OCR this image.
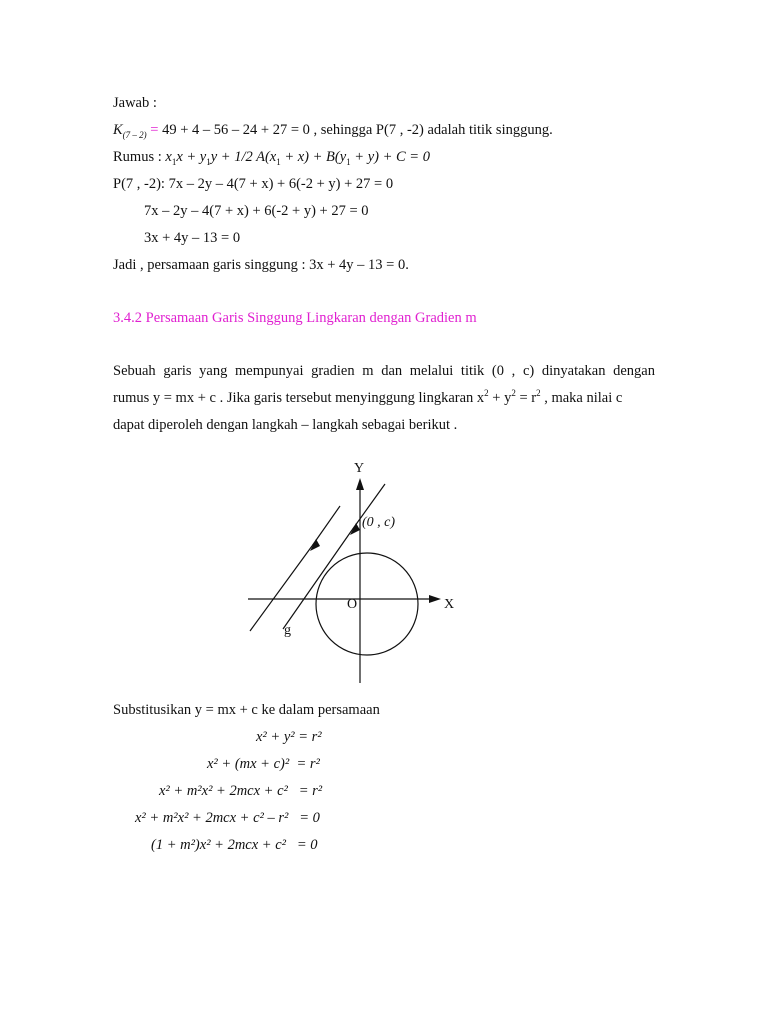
Jawab :
$K_{(7 - 2)} = 49 + 4 - 56 - 24 + 27 = 0$ , sehingga P(7 , -2) adalah titik singgung.
Rumus : $x_1x + y_1y + 1/2$ $A(x_1 + x) + B(y_1 + y) + C = 0$
P(7 , -2): 7x – 2y – 4(7 + x) + 6(-2 + y) + 27 = 0
7x – 2y – 4(7 + x) + 6(-2 + y) + 27 = 0
3x + 4y – 13 = 0
Jadi , persamaan garis singgung : 3x + 4y – 13 = 0.
3.4.2 Persamaan Garis Singgung Lingkaran dengan Gradien m
Sebuah garis yang mempunyai gradien m dan melalui titik (0 , c) dinyatakan dengan
rumus y = mx + c . Jika garis tersebut menyinggung lingkaran $x^2 + y^2 = r^2$ , maka nilai c
dapat diperoleh dengan langkah – langkah sebagai berikut .
Y
X
O
(0 , c)
g
Substitusikan y = mx + c ke dalam persamaan
x² + y² = r²
x² + (mx + c)² = r²
x² + m²x² + 2mcx + c² = r²
x² + m²x² + 2mcx + c² – r² = 0
(1 + m²)x² + 2mcx + c² = 0
